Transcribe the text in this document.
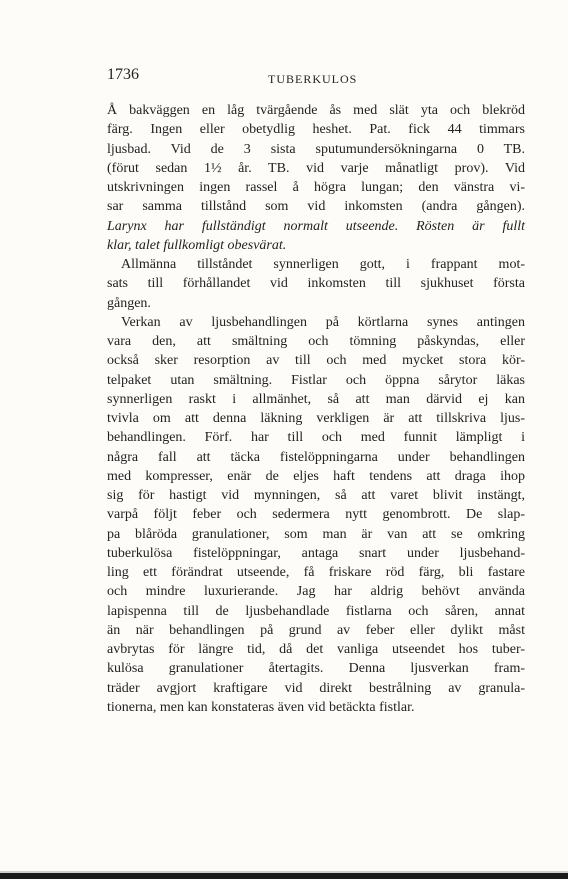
1736	TUBERKULOS
Å bakväggen en låg tvärgående ås med slät yta och blekröd
färg. Ingen eller obetydlig heshet. Pat. fick 44 timmars
ljusbad. Vid de 3 sista sputumundersökningarna 0 TB.
(förut sedan 1½ år. TB. vid varje månatligt prov). Vid
utskrivningen ingen rassel å högra lungan; den vänstra vi-
sar samma tillstånd som vid inkomsten (andra gången).
Larynx har fullständigt normalt utseende. Rösten är fullt
klar, talet fullkomligt obesvärat.
Allmänna tillståndet synnerligen gott, i frappant mot-
sats till förhållandet vid inkomsten till sjukhuset första
gången.
Verkan av ljusbehandlingen på körtlarna synes antingen
vara den, att smältning och tömning påskyndas, eller
också sker resorption av till och med mycket stora kör-
telpaket utan smältning. Fistlar och öppna sårytor läkas
synnerligen raskt i allmänhet, så att man därvid ej kan
tvivla om att denna läkning verkligen är att tillskriva ljus-
behandlingen. Förf. har till och med funnit lämpligt i
några fall att täcka fistelöppningarna under behandlingen
med kompresser, enär de eljes haft tendens att draga ihop
sig för hastigt vid mynningen, så att varet blivit instängt,
varpå följt feber och sedermera nytt genombrott. De slap-
pa blåröda granulationer, som man är van att se omkring
tuberkulösa fistelöppningar, antaga snart under ljusbehand-
ling ett förändrat utseende, få friskare röd färg, bli fastare
och mindre luxurierande. Jag har aldrig behövt använda
lapispenna till de ljusbehandlade fistlarna och såren, annat
än när behandlingen på grund av feber eller dylikt måst
avbrytas för längre tid, då det vanliga utseendet hos tuber-
kulösa granulationer återtagits. Denna ljusverkan fram-
träder avgjort kraftigare vid direkt bestrålning av granula-
tionerna, men kan konstateras även vid betäckta fistlar.
